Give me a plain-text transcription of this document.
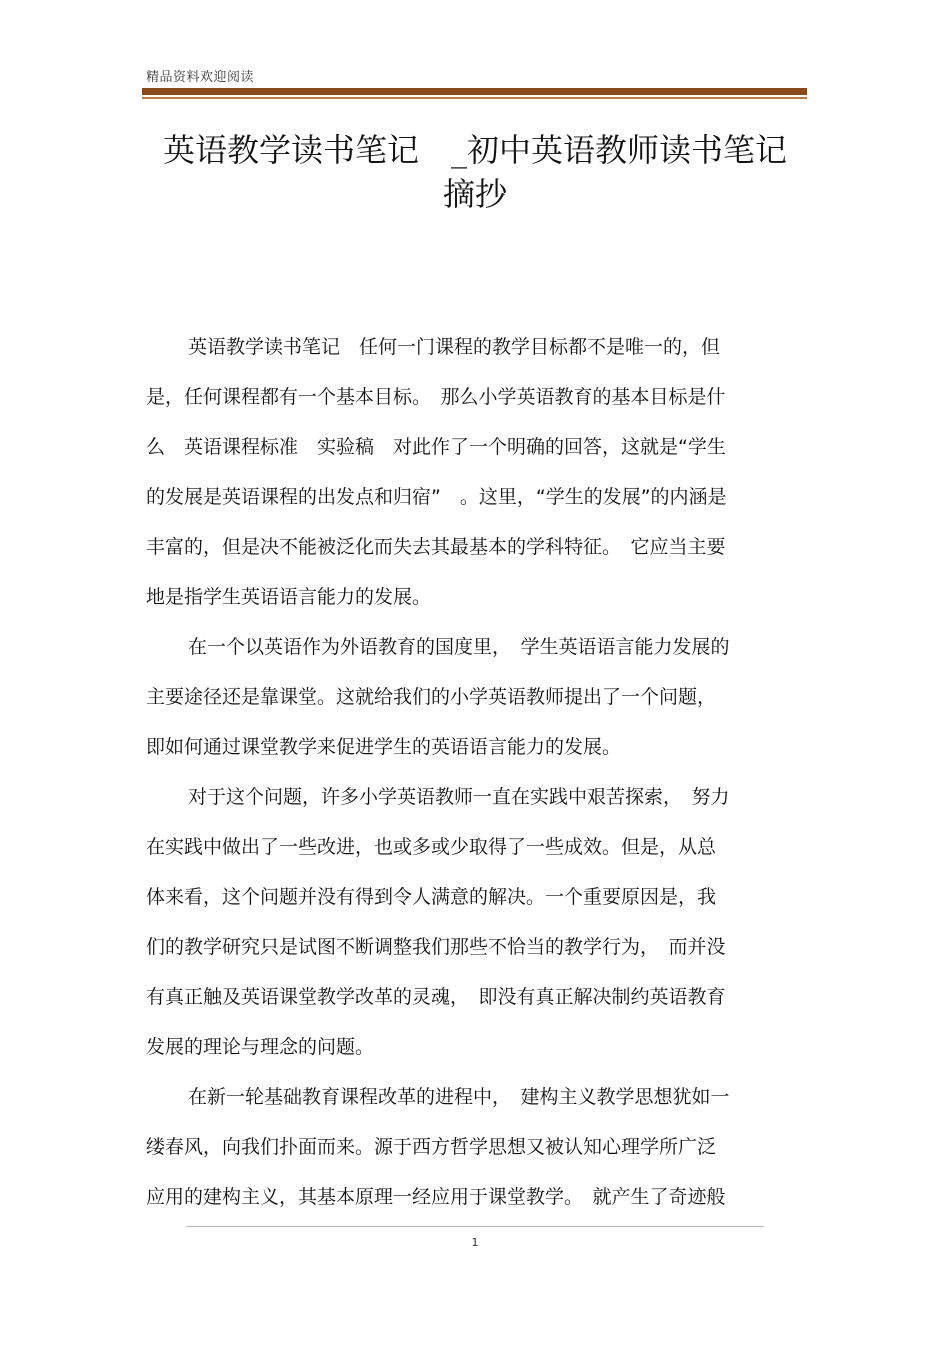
精品资料欢迎阅读
英语教学读书笔记　_初中英语教师读书笔记
摘抄
英语教学读书笔记　任何一门课程的教学目标都不是唯一的，但
是，任何课程都有一个基本目标。　那么小学英语教育的基本目标是什
么　英语课程标准　实验稿　对此作了一个明确的回答，这就是“学生
的发展是英语课程的出发点和归宿”　。这里，“学生的发展”的内涵是
丰富的，但是决不能被泛化而失去其最基本的学科特征。　它应当主要
地是指学生英语语言能力的发展。
在一个以英语作为外语教育的国度里，　学生英语语言能力发展的
主要途径还是靠课堂。这就给我们的小学英语教师提出了一个问题，
即如何通过课堂教学来促进学生的英语语言能力的发展。
对于这个问题，许多小学英语教师一直在实践中艰苦探索，　努力
在实践中做出了一些改进，也或多或少取得了一些成效。但是，从总
体来看，这个问题并没有得到令人满意的解决。一个重要原因是，我
们的教学研究只是试图不断调整我们那些不恰当的教学行为，　而并没
有真正触及英语课堂教学改革的灵魂，　即没有真正解决制约英语教育
发展的理论与理念的问题。
在新一轮基础教育课程改革的进程中，　建构主义教学思想犹如一
缕春风，向我们扑面而来。源于西方哲学思想又被认知心理学所广泛
应用的建构主义，其基本原理一经应用于课堂教学。　就产生了奇迹般
1
